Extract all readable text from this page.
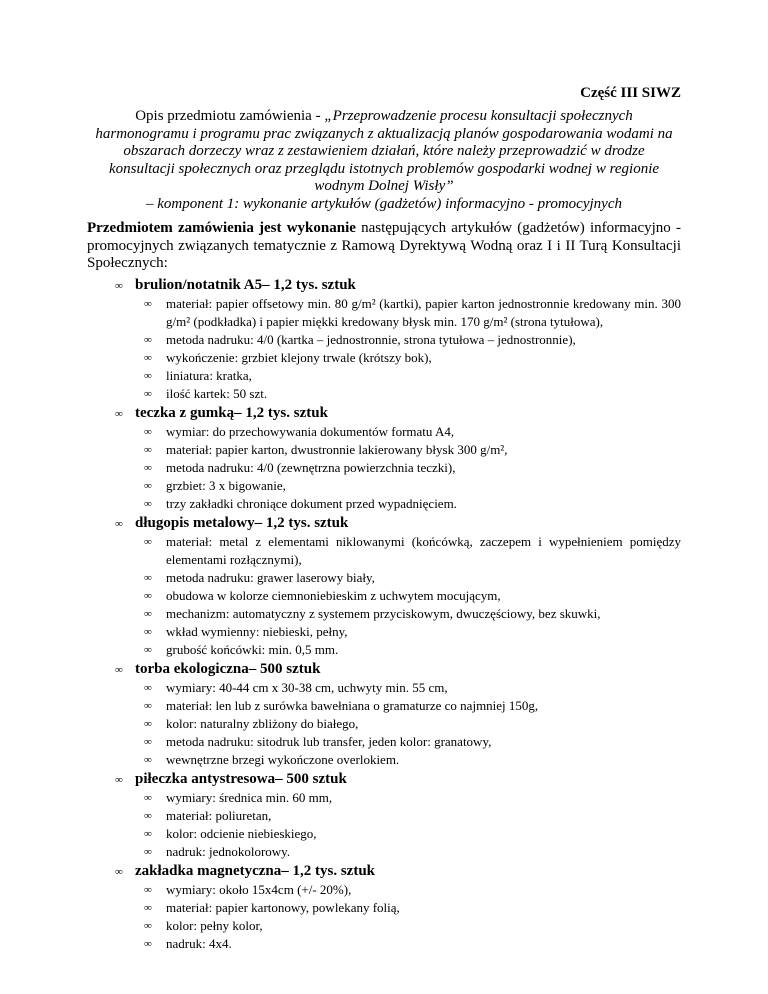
Część III SIWZ
Opis przedmiotu zamówienia - „Przeprowadzenie procesu konsultacji społecznych harmonogramu i programu prac związanych z aktualizacją planów gospodarowania wodami na obszarach dorzeczy wraz z zestawieniem działań, które należy przeprowadzić w drodze konsultacji społecznych oraz przeglądu istotnych problemów gospodarki wodnej w regionie wodnym Dolnej Wisły”
– komponent 1: wykonanie artykułów (gadżetów) informacyjno - promocyjnych
Przedmiotem zamówienia jest wykonanie następujących artykułów (gadżetów) informacyjno - promocyjnych związanych tematycznie z Ramową Dyrektywą Wodną oraz I i II Turą Konsultacji Społecznych:
∞ brulion/notatnik A5 – 1,2 tys. sztuk
∞	materiał: papier offsetowy min. 80 g/m² (kartki), papier karton jednostronnie kredowany min. 300 g/m² (podkładka) i papier miękki kredowany błysk min. 170 g/m² (strona tytułowa),
∞	metoda nadruku: 4/0 (kartka – jednostronnie, strona tytułowa – jednostronnie),
∞	wykończenie: grzbiet klejony trwale (krótszy bok),
∞	liniatura: kratka,
∞	ilość kartek: 50 szt.
∞ teczka z gumką – 1,2 tys. sztuk
∞	wymiar: do przechowywania dokumentów formatu A4,
∞	materiał: papier karton, dwustronnie lakierowany błysk 300 g/m²,
∞	metoda nadruku: 4/0 (zewnętrzna powierzchnia teczki),
∞	grzbiet: 3 x bigowanie,
∞	trzy zakładki chroniące dokument przed wypadnięciem.
∞ długopis metalowy – 1,2 tys. sztuk
∞	materiał: metal z elementami niklowanymi (końcówką, zaczepem i wypełnieniem pomiędzy elementami rozłącznymi),
∞	metoda nadruku: grawer laserowy biały,
∞	obudowa w kolorze ciemnoniebieskim z uchwytem mocującym,
∞	mechanizm: automatyczny z systemem przyciskowym, dwuczęściowy, bez skuwki,
∞	wkład wymienny: niebieski, pełny,
∞	grubość końcówki: min. 0,5 mm.
∞ torba ekologiczna – 500 sztuk
∞	wymiary: 40-44 cm x 30-38 cm, uchwyty min. 55 cm,
∞	materiał: len lub z surówka bawełniana o gramaturze co najmniej 150g,
∞	kolor: naturalny zbliżony do białego,
∞	metoda nadruku: sitodruk lub transfer, jeden kolor: granatowy,
∞	wewnętrzne brzegi wykończone overlokiem.
∞ piłeczka antystresowa – 500 sztuk
∞	wymiary: średnica min. 60 mm,
∞	materiał: poliuretan,
∞	kolor: odcienie niebieskiego,
∞	nadruk: jednokolorowy.
∞ zakładka magnetyczna – 1,2 tys. sztuk
∞	wymiary: około 15x4cm (+/- 20%),
∞	materiał: papier kartonowy, powlekany folią,
∞	kolor: pełny kolor,
∞	nadruk: 4x4.
